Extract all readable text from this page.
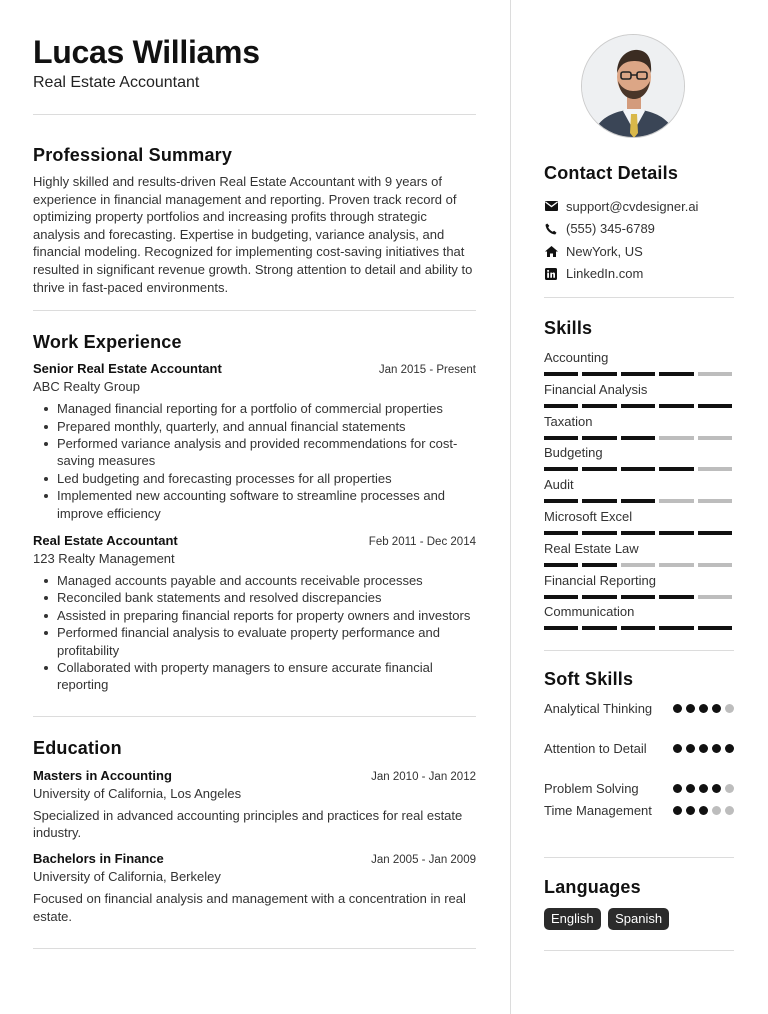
Lucas Williams
Real Estate Accountant
Professional Summary
Highly skilled and results-driven Real Estate Accountant with 9 years of experience in financial management and reporting. Proven track record of optimizing property portfolios and increasing profits through strategic analysis and forecasting. Expertise in budgeting, variance analysis, and financial modeling. Recognized for implementing cost-saving initiatives that resulted in significant revenue growth. Strong attention to detail and ability to thrive in fast-paced environments.
Work Experience
Senior Real Estate Accountant	Jan 2015 - Present
ABC Realty Group
Managed financial reporting for a portfolio of commercial properties
Prepared monthly, quarterly, and annual financial statements
Performed variance analysis and provided recommendations for cost-saving measures
Led budgeting and forecasting processes for all properties
Implemented new accounting software to streamline processes and improve efficiency
Real Estate Accountant	Feb 2011 - Dec 2014
123 Realty Management
Managed accounts payable and accounts receivable processes
Reconciled bank statements and resolved discrepancies
Assisted in preparing financial reports for property owners and investors
Performed financial analysis to evaluate property performance and profitability
Collaborated with property managers to ensure accurate financial reporting
Education
Masters in Accounting	Jan 2010 - Jan 2012
University of California, Los Angeles
Specialized in advanced accounting principles and practices for real estate industry.
Bachelors in Finance	Jan 2005 - Jan 2009
University of California, Berkeley
Focused on financial analysis and management with a concentration in real estate.
Contact Details
support@cvdesigner.ai
(555) 345-6789
NewYork, US
LinkedIn.com
Skills
Accounting
Financial Analysis
Taxation
Budgeting
Audit
Microsoft Excel
Real Estate Law
Financial Reporting
Communication
Soft Skills
Analytical Thinking
Attention to Detail
Problem Solving
Time Management
Languages
English Spanish
